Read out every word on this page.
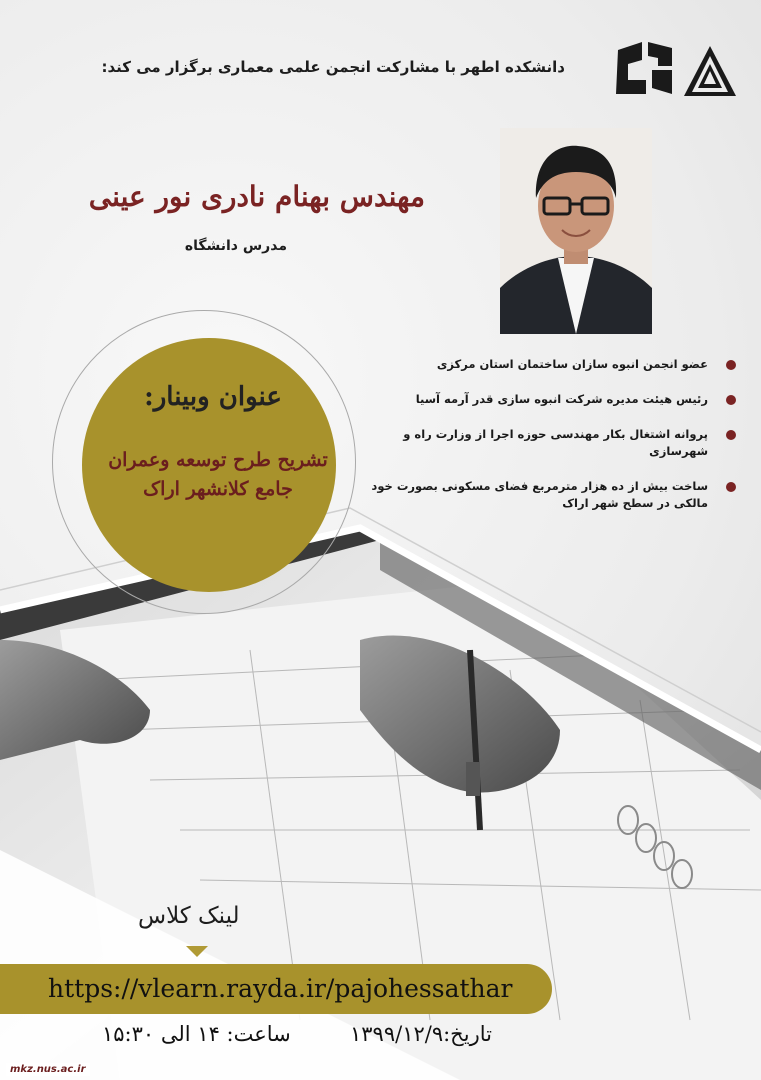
دانشکده اطهر با مشارکت انجمن علمی معماری برگزار می کند:
مهندس بهنام نادری نور عینی
مدرس دانشگاه
عنوان وبینار:
تشریح طرح توسعه وعمران
جامع کلانشهر اراک
عضو انجمن انبوه سازان ساختمان استان مرکزی
رئیس هیئت مدیره شرکت انبوه سازی قدر آرمه آسیا
پروانه اشتغال بکار مهندسی حوزه اجرا از وزارت راه و شهرسازی
ساخت بیش از ده هزار مترمربع فضای مسکونی بصورت خود مالکی در سطح شهر اراک
لینک کلاس
https://vlearn.rayda.ir/pajohessathar
تاریخ:۱۳۹۹/۱۲/۹
ساعت: ۱۴ الی ۱۵:۳۰
mkz.nus.ac.ir
